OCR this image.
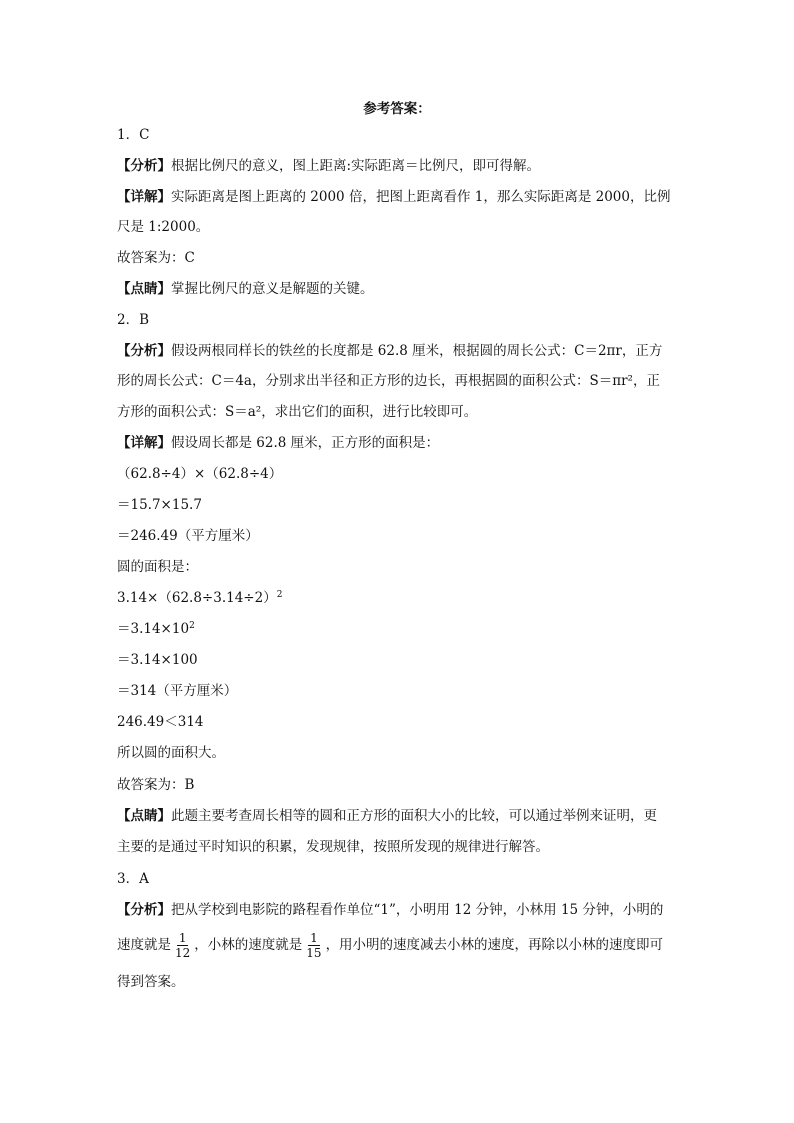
参考答案：
1．C
【分析】根据比例尺的意义，图上距离:实际距离＝比例尺，即可得解。
【详解】实际距离是图上距离的 2000 倍，把图上距离看作 1，那么实际距离是 2000，比例
尺是 1:2000。
故答案为：C
【点睛】掌握比例尺的意义是解题的关键。
2．B
【分析】假设两根同样长的铁丝的长度都是 62.8 厘米，根据圆的周长公式：C＝2πr，正方
形的周长公式：C＝4a，分别求出半径和正方形的边长，再根据圆的面积公式：S＝πr²，正
方形的面积公式：S＝a²，求出它们的面积，进行比较即可。
【详解】假设周长都是 62.8 厘米，正方形的面积是：
（62.8÷4）×（62.8÷4）
＝15.7×15.7
＝246.49（平方厘米）
圆的面积是：
$3.14\times(62.8\div 3.14\div 2)^2$
$=3.14\times 10^2$
＝3.14×100
＝314（平方厘米）
246.49＜314
所以圆的面积大。
故答案为：B
【点睛】此题主要考查周长相等的圆和正方形的面积大小的比较，可以通过举例来证明，更
主要的是通过平时知识的积累，发现规律，按照所发现的规律进行解答。
3．A
【分析】把从学校到电影院的路程看作单位“1”，小明用 12 分钟，小林用 15 分钟，小明的
速度就是 $\frac{1}{12}$ ，小林的速度就是 $\frac{1}{15}$ ，用小明的速度减去小林的速度，再除以小林的速度即可
得到答案。
